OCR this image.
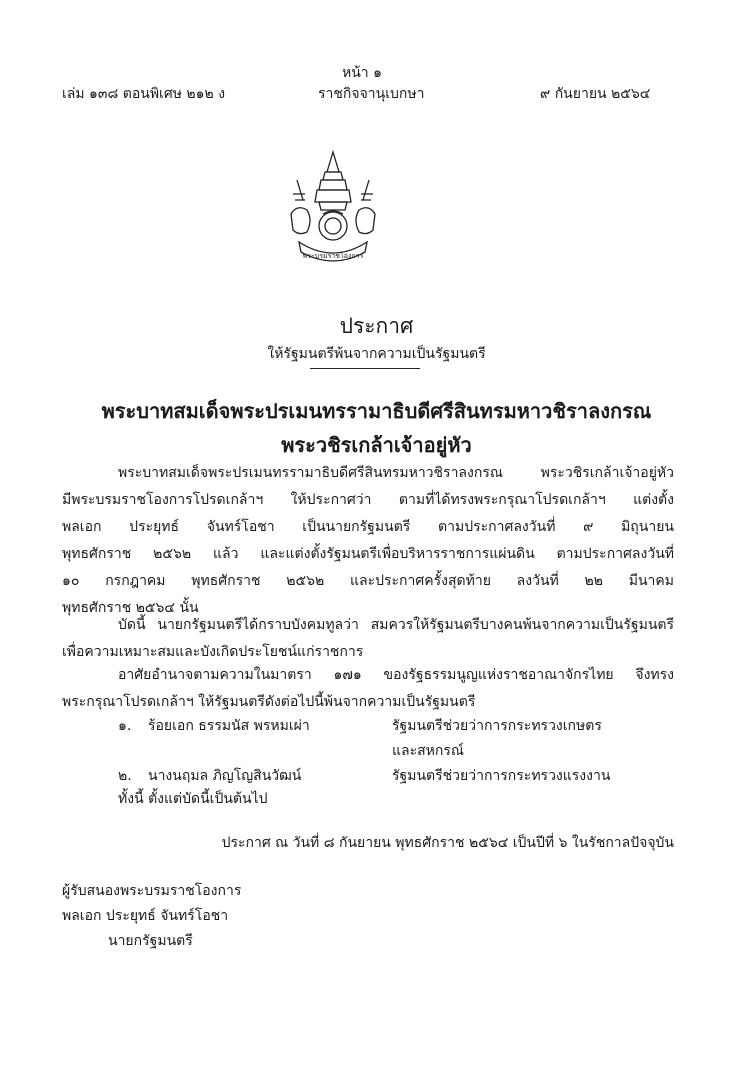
หน้า ๑
เล่ม ๑๓๘ ตอนพิเศษ ๒๑๒ ง	ราชกิจจานุเบกษา	๙ กันยายน ๒๕๖๔
พระบรมราชโองการ
ประกาศ
ให้รัฐมนตรีพ้นจากความเป็นรัฐมนตรี
พระบาทสมเด็จพระปรเมนทรรามาธิบดีศรีสินทรมหาวชิราลงกรณ
พระวชิรเกล้าเจ้าอยู่หัว
พระบาทสมเด็จพระปรเมนทรรามาธิบดีศรีสินทรมหาวชิราลงกรณ พระวชิรเกล้าเจ้าอยู่หัว
มีพระบรมราชโองการโปรดเกล้าฯ ให้ประกาศว่า ตามที่ได้ทรงพระกรุณาโปรดเกล้าฯ แต่งตั้ง
พลเอก ประยุทธ์ จันทร์โอชา เป็นนายกรัฐมนตรี ตามประกาศลงวันที่ ๙ มิถุนายน
พุทธศักราช ๒๕๖๒ แล้ว และแต่งตั้งรัฐมนตรีเพื่อบริหารราชการแผ่นดิน ตามประกาศลงวันที่
๑๐ กรกฎาคม พุทธศักราช ๒๕๖๒ และประกาศครั้งสุดท้าย ลงวันที่ ๒๒ มีนาคม
พุทธศักราช ๒๕๖๔ นั้น
บัดนี้ นายกรัฐมนตรีได้กราบบังคมทูลว่า สมควรให้รัฐมนตรีบางคนพ้นจากความเป็นรัฐมนตรี
เพื่อความเหมาะสมและบังเกิดประโยชน์แก่ราชการ
อาศัยอำนาจตามความในมาตรา ๑๗๑ ของรัฐธรรมนูญแห่งราชอาณาจักรไทย จึงทรง
พระกรุณาโปรดเกล้าฯ ให้รัฐมนตรีดังต่อไปนี้พ้นจากความเป็นรัฐมนตรี
๑. ร้อยเอก ธรรมนัส พรหมเผ่า	รัฐมนตรีช่วยว่าการกระทรวงเกษตร
และสหกรณ์
๒. นางนฤมล ภิญโญสินวัฒน์	รัฐมนตรีช่วยว่าการกระทรวงแรงงาน
ทั้งนี้ ตั้งแต่บัดนี้เป็นต้นไป
ประกาศ ณ วันที่ ๘ กันยายน พุทธศักราช ๒๕๖๔ เป็นปีที่ ๖ ในรัชกาลปัจจุบัน
ผู้รับสนองพระบรมราชโองการ
พลเอก ประยุทธ์ จันทร์โอชา
นายกรัฐมนตรี
